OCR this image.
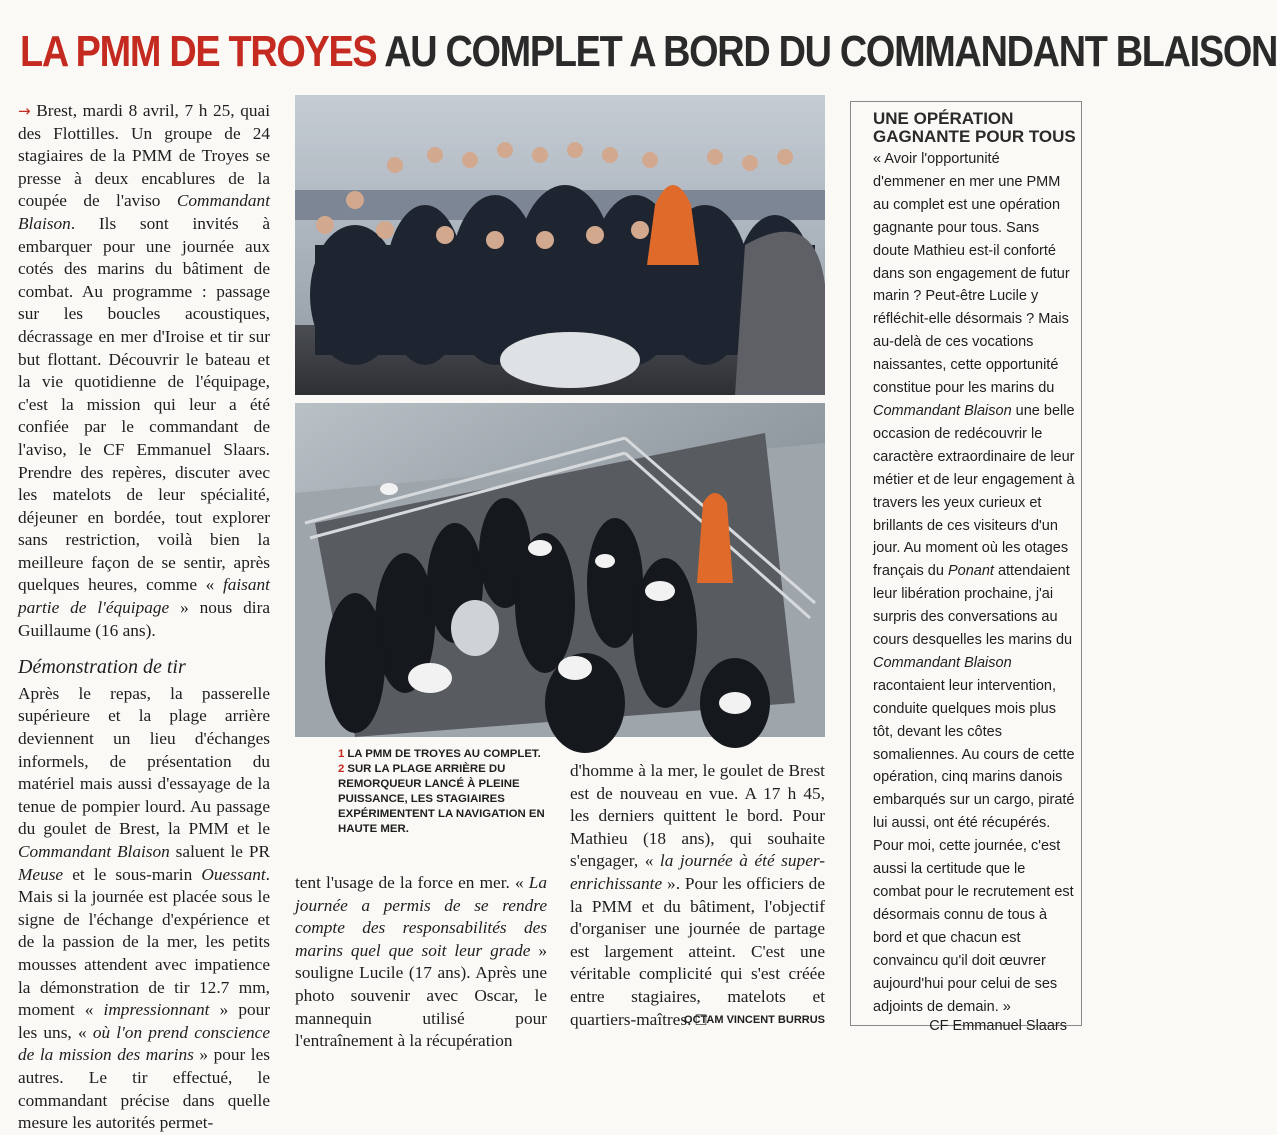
LA PMM DE TROYES AU COMPLET A BORD DU COMMANDANT BLAISON

→ Brest, mardi 8 avril, 7 h 25, quai des Flottilles. Un groupe de 24 stagiaires de la PMM de Troyes se presse à deux encablures de la coupée de l'aviso Commandant Blaison. Ils sont invités à embarquer pour une journée aux cotés des marins du bâtiment de combat. Au programme : passage sur les boucles acoustiques, décrassage en mer d'Iroise et tir sur but flottant. Découvrir le bateau et la vie quotidienne de l'équipage, c'est la mission qui leur a été confiée par le commandant de l'aviso, le CF Emmanuel Slaars. Prendre des repères, discuter avec les matelots de leur spécialité, déjeuner en bordée, tout explorer sans restriction, voilà bien la meilleure façon de se sentir, après quelques heures, comme « faisant partie de l'équipage » nous dira Guillaume (16 ans).

Démonstration de tir

Après le repas, la passerelle supérieure et la plage arrière deviennent un lieu d'échanges informels, de présentation du matériel mais aussi d'essayage de la tenue de pompier lourd. Au passage du goulet de Brest, la PMM et le Commandant Blaison saluent le PR Meuse et le sous-marin Ouessant. Mais si la journée est placée sous le signe de l'échange d'expérience et de la passion de la mer, les petits mousses attendent avec impatience la démonstration de tir 12.7 mm, moment « impressionnant » pour les uns, « où l'on prend conscience de la mission des marins » pour les autres. Le tir effectué, le commandant précise dans quelle mesure les autorités permet-

1 LA PMM DE TROYES AU COMPLET.
2 SUR LA PLAGE ARRIÈRE DU REMORQUEUR LANCÉ À PLEINE PUISSANCE, LES STAGIAIRES EXPÉRIMENTENT LA NAVIGATION EN HAUTE MER.

tent l'usage de la force en mer. « La journée a permis de se rendre compte des responsabilités des marins quel que soit leur grade » souligne Lucile (17 ans). Après une photo souvenir avec Oscar, le mannequin utilisé pour l'entraînement à la récupération

d'homme à la mer, le goulet de Brest est de nouveau en vue. A 17 h 45, les derniers quittent le bord. Pour Mathieu (18 ans), qui souhaite s'engager, « la journée à été super-enrichissante ». Pour les officiers de la PMM et du bâtiment, l'objectif d'organiser une journée de partage est largement atteint. C'est une véritable complicité qui s'est créée entre stagiaires, matelots et quartiers-maîtres. □

OCTAM VINCENT BURRUS
UNE OPÉRATION GAGNANTE POUR TOUS
« Avoir l'opportunité d'emmener en mer une PMM au complet est une opération gagnante pour tous. Sans doute Mathieu est-il conforté dans son engagement de futur marin ? Peut-être Lucile y réfléchit-elle désormais ? Mais au-delà de ces vocations naissantes, cette opportunité constitue pour les marins du Commandant Blaison une belle occasion de redécouvrir le caractère extraordinaire de leur métier et de leur engagement à travers les yeux curieux et brillants de ces visiteurs d'un jour. Au moment où les otages français du Ponant attendaient leur libération prochaine, j'ai surpris des conversations au cours desquelles les marins du Commandant Blaison racontaient leur intervention, conduite quelques mois plus tôt, devant les côtes somaliennes. Au cours de cette opération, cinq marins danois embarqués sur un cargo, piraté lui aussi, ont été récupérés. Pour moi, cette journée, c'est aussi la certitude que le combat pour le recrutement est désormais connu de tous à bord et que chacun est convaincu qu'il doit œuvrer aujourd'hui pour celui de ses adjoints de demain. »
CF Emmanuel Slaars
